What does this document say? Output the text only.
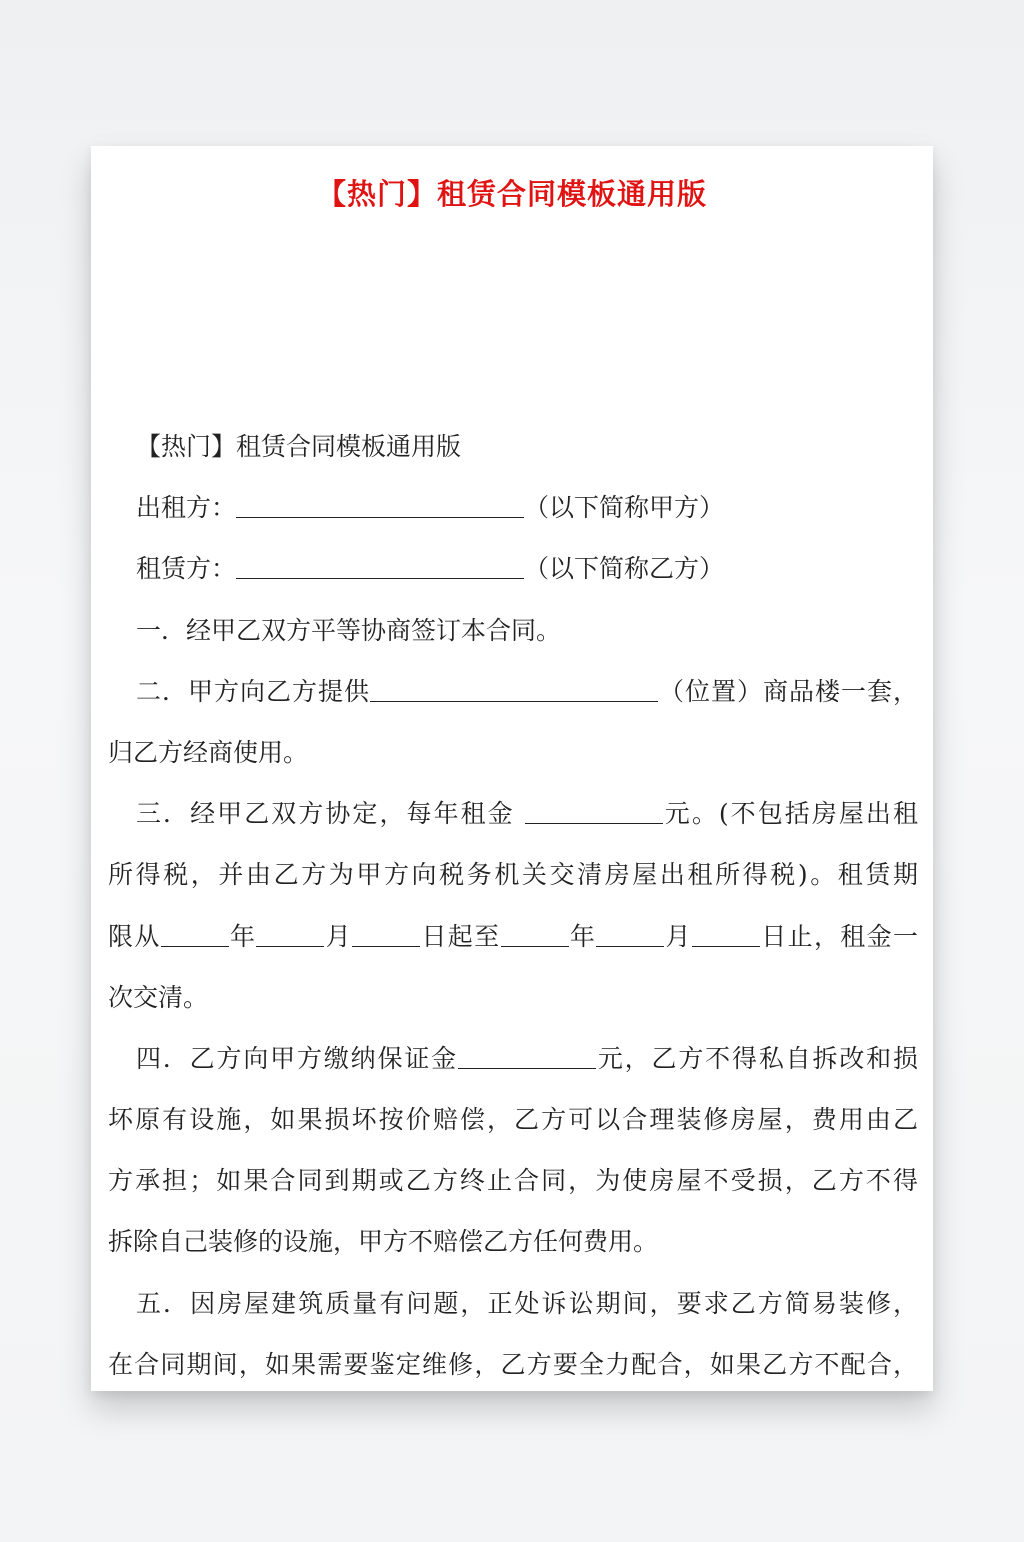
【热门】租赁合同模板通用版
【热门】租赁合同模板通用版
出租方：	（以下简称甲方）
租赁方：	（以下简称乙方）
一．经甲乙双方平等协商签订本合同。
二．甲方向乙方提供	（位置）商品楼一套，
归乙方经商使用。
三．经甲乙双方协定，每年租金	元。(不包括房屋出租
所得税，并由乙方为甲方向税务机关交清房屋出租所得税)。租赁期
限从	年	月	日起至	年	月	日止，租金一
次交清。
四．乙方向甲方缴纳保证金	元，乙方不得私自拆改和损
坏原有设施，如果损坏按价赔偿，乙方可以合理装修房屋，费用由乙
方承担；如果合同到期或乙方终止合同，为使房屋不受损，乙方不得
拆除自己装修的设施，甲方不赔偿乙方任何费用。
五．因房屋建筑质量有问题，正处诉讼期间，要求乙方简易装修，
在合同期间，如果需要鉴定维修，乙方要全力配合，如果乙方不配合，
